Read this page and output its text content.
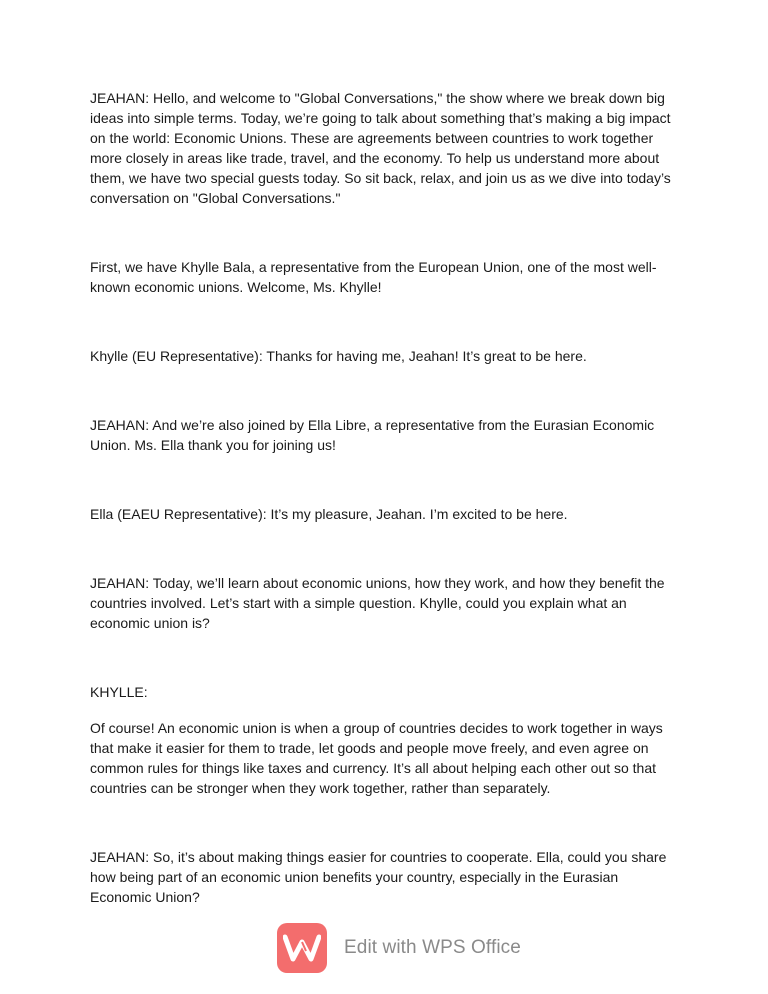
JEAHAN: Hello, and welcome to "Global Conversations," the show where we break down big ideas into simple terms. Today, we’re going to talk about something that’s making a big impact on the world: Economic Unions. These are agreements between countries to work together more closely in areas like trade, travel, and the economy. To help us understand more about them, we have two special guests today. So sit back, relax, and join us as we dive into today’s conversation on "Global Conversations."

First, we have Khylle Bala, a representative from the European Union, one of the most well-known economic unions. Welcome, Ms. Khylle!

Khylle (EU Representative): Thanks for having me, Jeahan! It’s great to be here.

JEAHAN: And we’re also joined by Ella Libre, a representative from the Eurasian Economic Union. Ms. Ella thank you for joining us!

Ella (EAEU Representative): It’s my pleasure, Jeahan. I’m excited to be here.

JEAHAN: Today, we’ll learn about economic unions, how they work, and how they benefit the countries involved. Let’s start with a simple question. Khylle, could you explain what an economic union is?

KHYLLE:

Of course! An economic union is when a group of countries decides to work together in ways that make it easier for them to trade, let goods and people move freely, and even agree on common rules for things like taxes and currency. It’s all about helping each other out so that countries can be stronger when they work together, rather than separately.

JEAHAN: So, it’s about making things easier for countries to cooperate. Ella, could you share how being part of an economic union benefits your country, especially in the Eurasian Economic Union?

Edit with WPS Office
